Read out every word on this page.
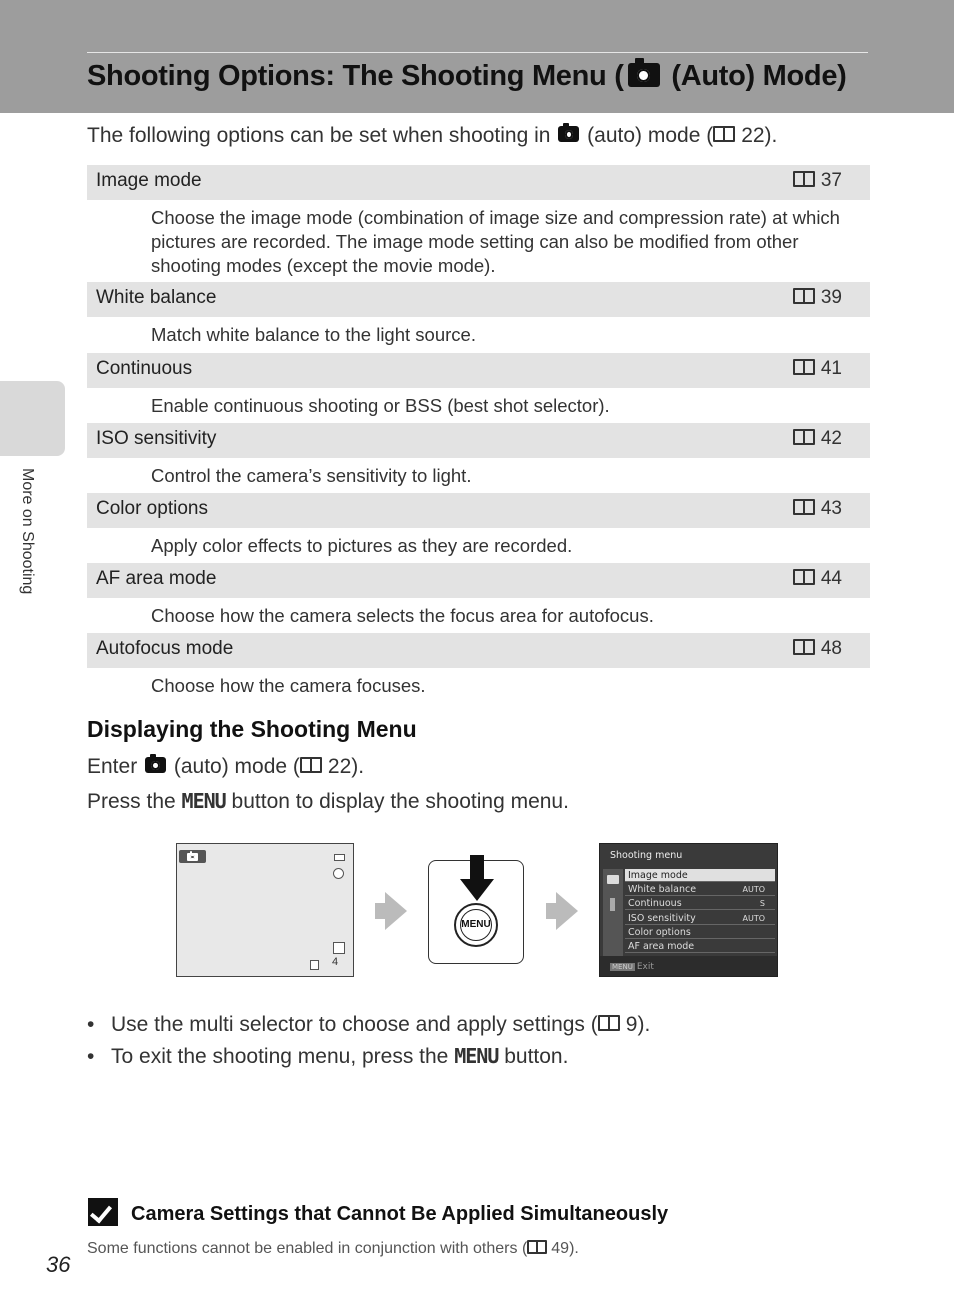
Shooting Options: The Shooting Menu ( (Auto) Mode)
The following options can be set when shooting in  (auto) mode ( 22).
Image mode	37
Choose the image mode (combination of image size and compression rate) at which pictures are recorded. The image mode setting can also be modified from other shooting modes (except the movie mode).
White balance	39
Match white balance to the light source.
Continuous	41
Enable continuous shooting or BSS (best shot selector).
ISO sensitivity	42
Control the camera’s sensitivity to light.
Color options	43
Apply color effects to pictures as they are recorded.
AF area mode	44
Choose how the camera selects the focus area for autofocus.
Autofocus mode	48
Choose how the camera focuses.
More on Shooting
Displaying the Shooting Menu
Enter  (auto) mode ( 22).
Press the MENU button to display the shooting menu.
4
MENU
Shooting menu
Image mode
White balance	AUTO
Continuous	S
ISO sensitivity	AUTO
Color options
AF area mode
MENU Exit
• Use the multi selector to choose and apply settings ( 9).
• To exit the shooting menu, press the MENU button.
Camera Settings that Cannot Be Applied Simultaneously
Some functions cannot be enabled in conjunction with others ( 49).
36
